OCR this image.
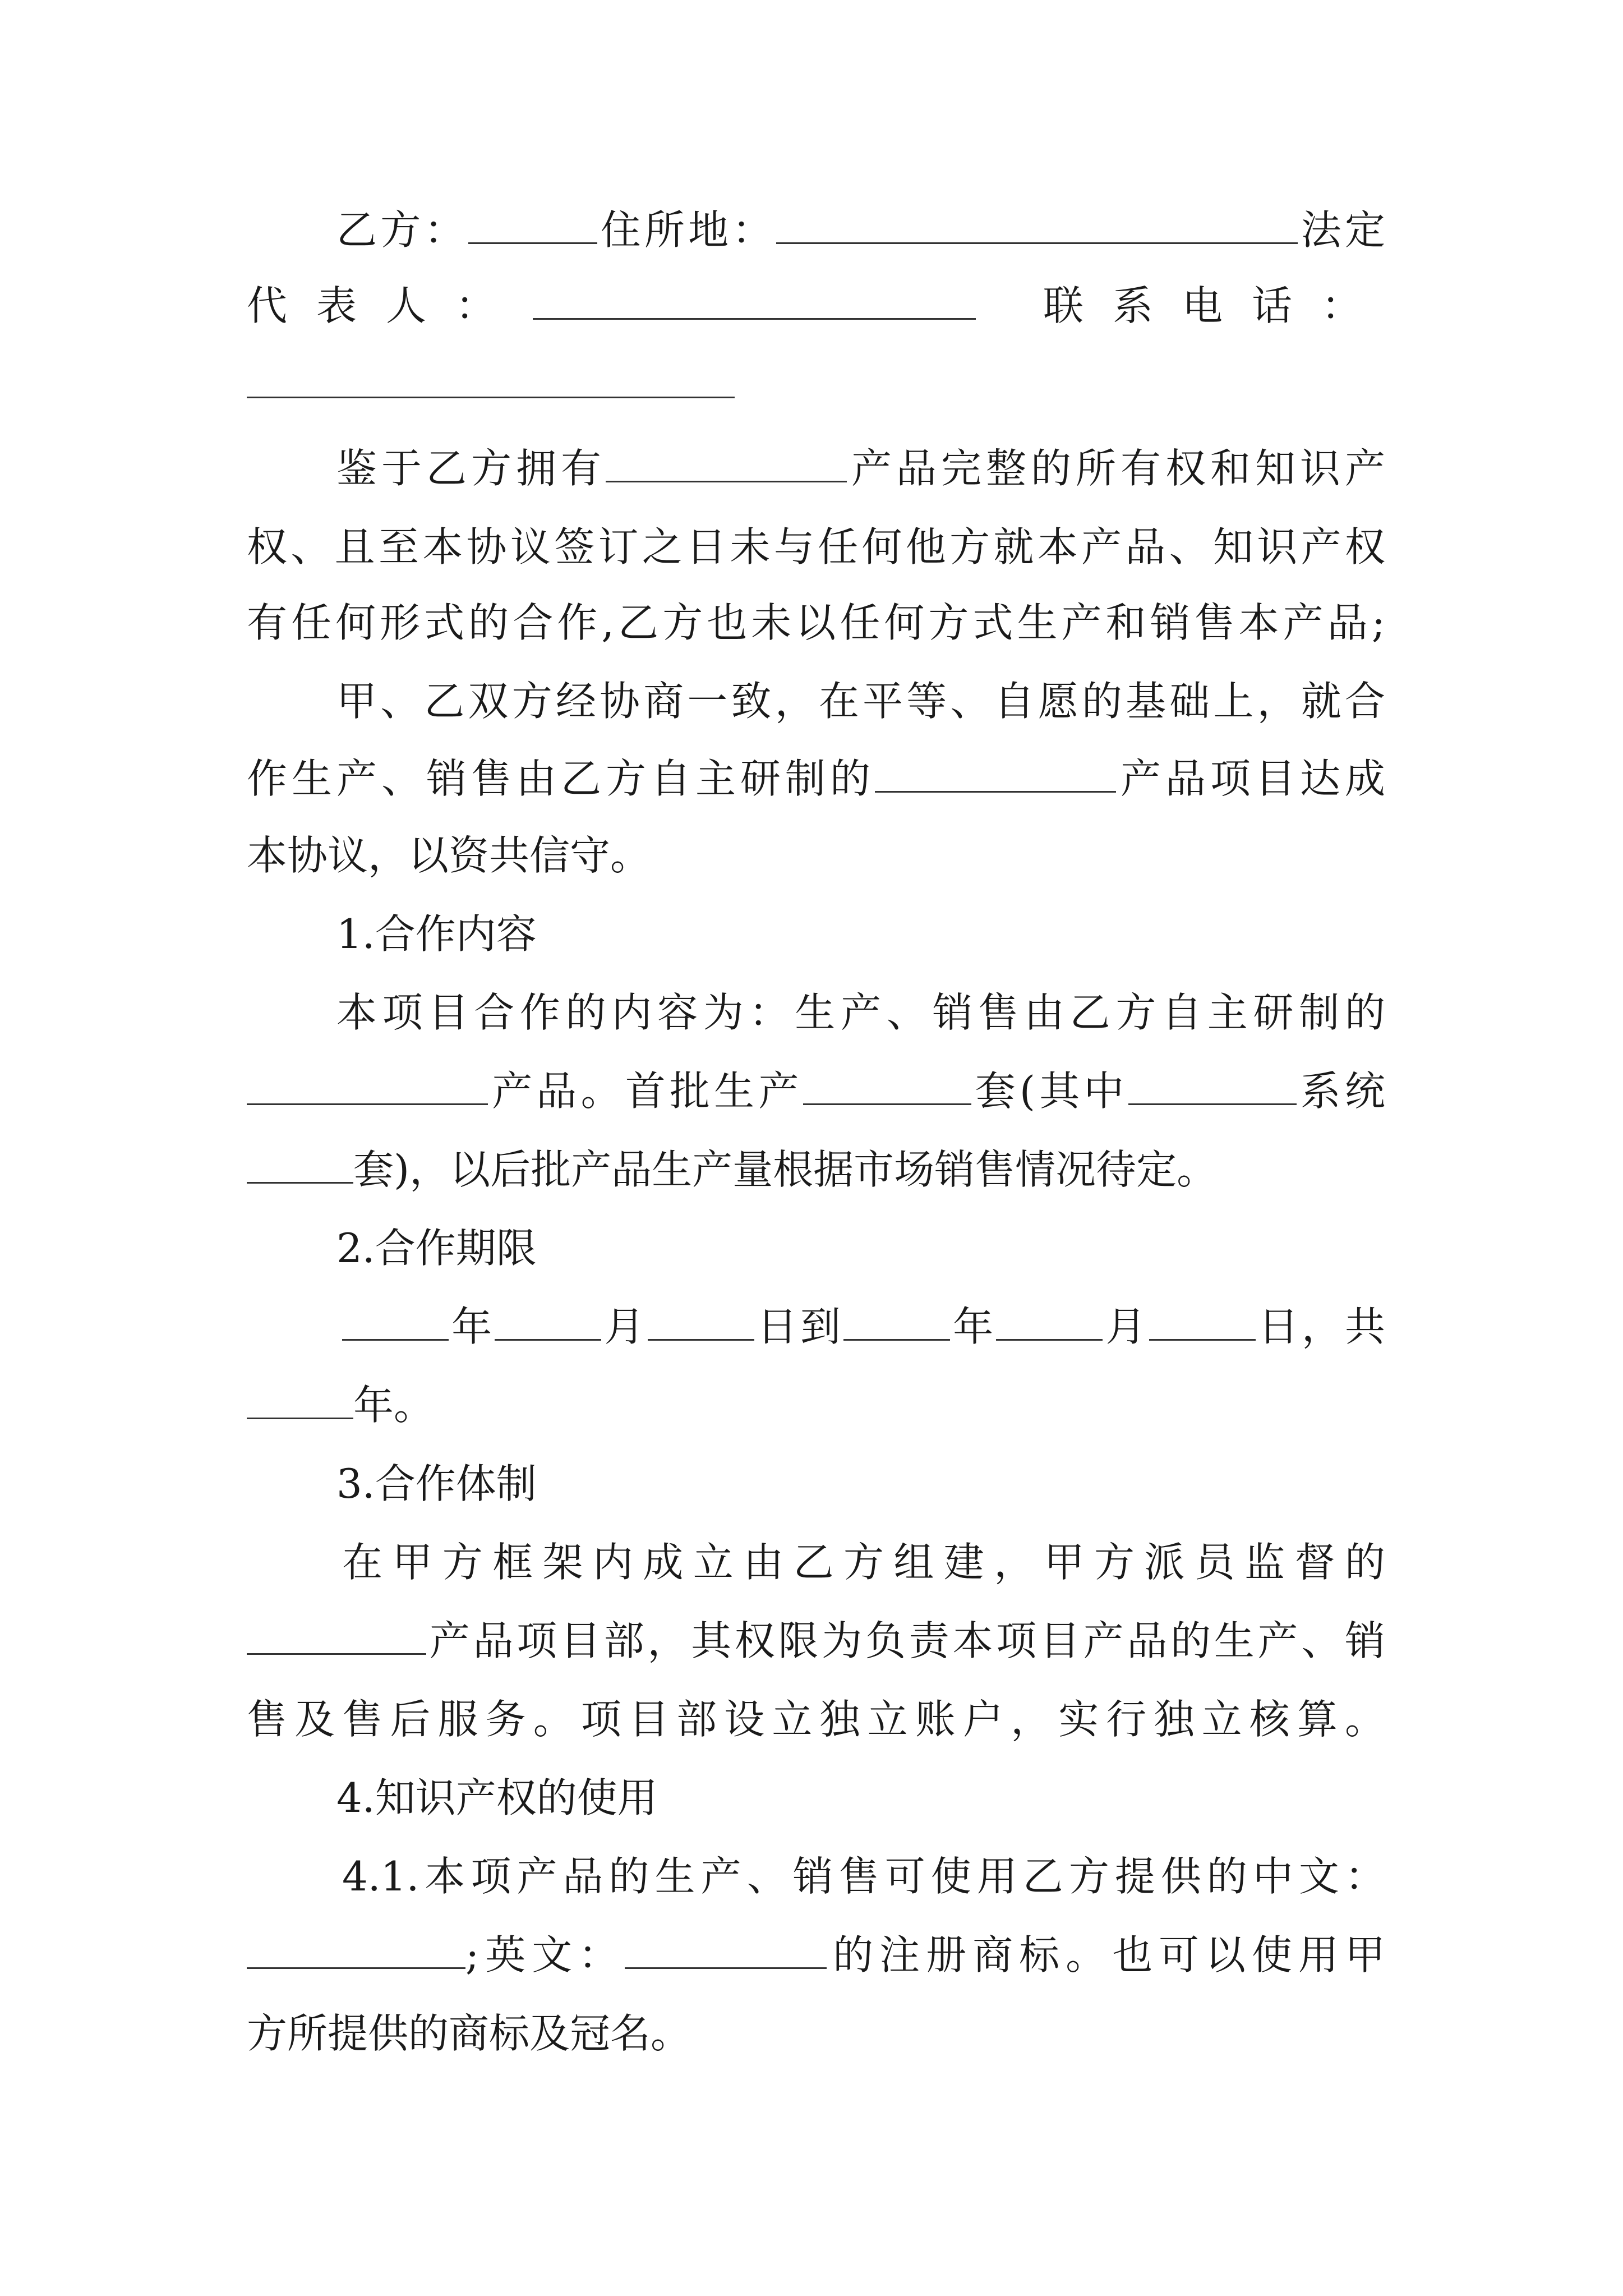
乙方：	住所地：	法定
代表人：	联系电话：
鉴于乙方拥有	产品完整的所有权和知识产
权、且至本协议签订之日未与任何他方就本产品、知识产权
有任何形式的合作,乙方也未以任何方式生产和销售本产品;
甲、乙双方经协商一致，在平等、自愿的基础上，就合
作生产、销售由乙方自主研制的	产品项目达成
本协议，以资共信守。
1.合作内容
本项目合作的内容为：生产、销售由乙方自主研制的
产品。首批生产	套(其中	系统
套)，以后批产品生产量根据市场销售情况待定。
2.合作期限
年	月	日到	年	月	日，共
年。
3.合作体制
在甲方框架内成立由乙方组建，甲方派员监督的
产品项目部，其权限为负责本项目产品的生产、销
售及售后服务。项目部设立独立账户，实行独立核算。
4.知识产权的使用
4.1.本项产品的生产、销售可使用乙方提供的中文：
;英文：	的注册商标。也可以使用甲
方所提供的商标及冠名。
